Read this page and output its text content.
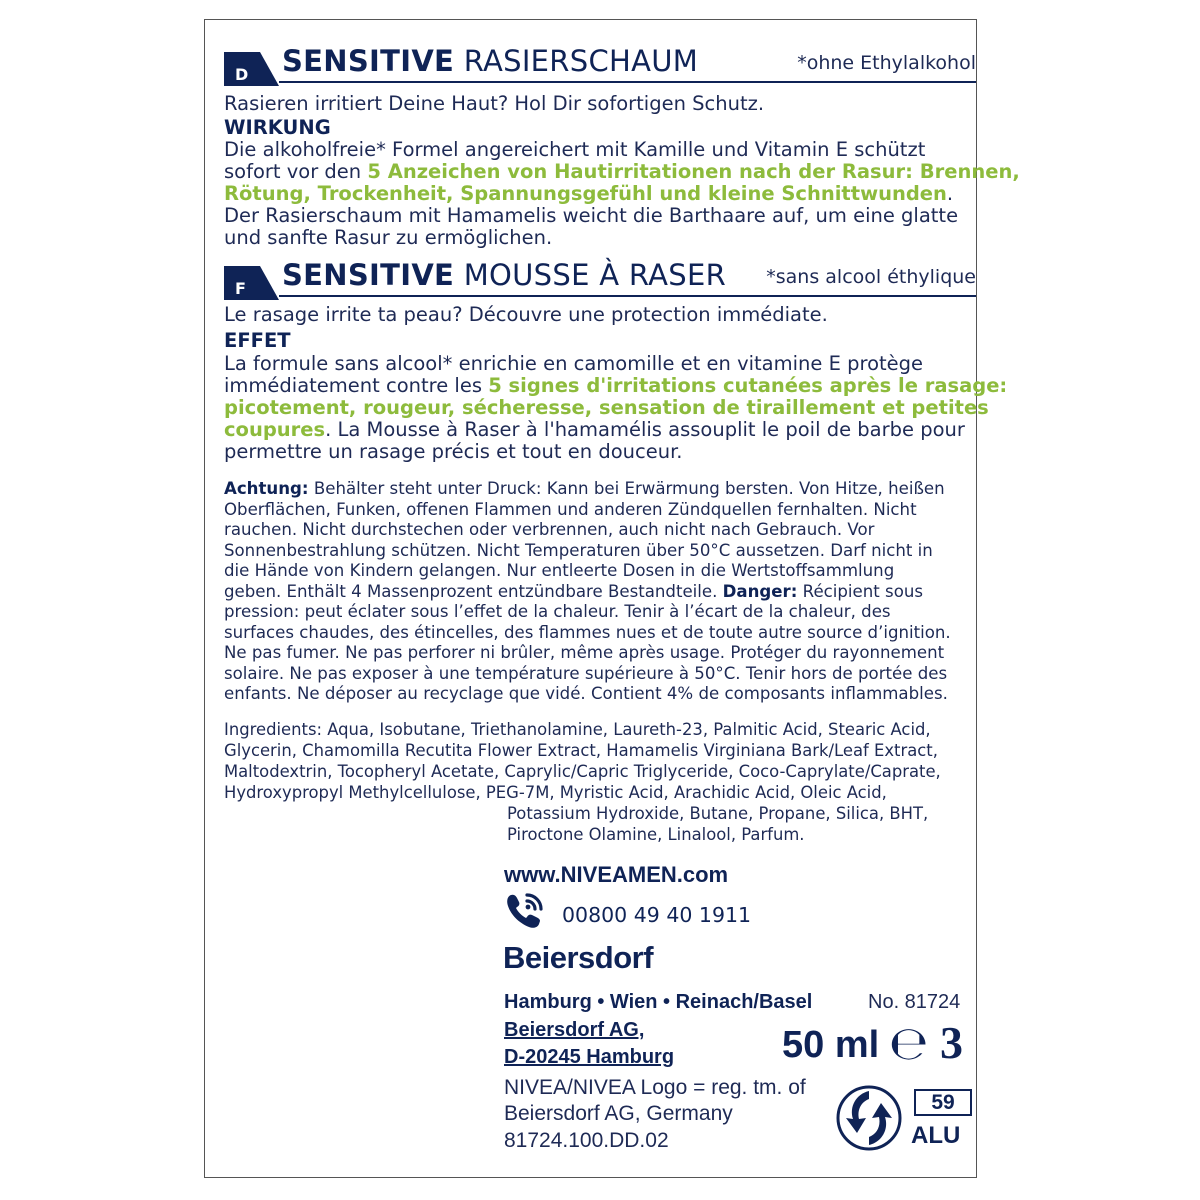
D SENSITIVE RASIERSCHAUM	*ohne Ethylalkohol
Rasieren irritiert Deine Haut? Hol Dir sofortigen Schutz.
WIRKUNG
Die alkoholfreie* Formel angereichert mit Kamille und Vitamin E schützt
sofort vor den 5 Anzeichen von Hautirritationen nach der Rasur: Brennen,
Rötung, Trockenheit, Spannungsgefühl und kleine Schnittwunden.
Der Rasierschaum mit Hamamelis weicht die Barthaare auf, um eine glatte
und sanfte Rasur zu ermöglichen.
F SENSITIVE MOUSSE À RASER *sans alcool éthylique
Le rasage irrite ta peau? Découvre une protection immédiate.
EFFET
La formule sans alcool* enrichie en camomille et en vitamine E protège
immédiatement contre les 5 signes d'irritations cutanées après le rasage:
picotement, rougeur, sécheresse, sensation de tiraillement et petites
coupures. La Mousse à Raser à l'hamamélis assouplit le poil de barbe pour
permettre un rasage précis et tout en douceur.
Achtung: Behälter steht unter Druck: Kann bei Erwärmung bersten. Von Hitze, heißen
Oberflächen, Funken, offenen Flammen und anderen Zündquellen fernhalten. Nicht
rauchen. Nicht durchstechen oder verbrennen, auch nicht nach Gebrauch. Vor
Sonnenbestrahlung schützen. Nicht Temperaturen über 50°C aussetzen. Darf nicht in
die Hände von Kindern gelangen. Nur entleerte Dosen in die Wertstoffsammlung
geben. Enthält 4 Massenprozent entzündbare Bestandteile. Danger: Récipient sous
pression: peut éclater sous l’effet de la chaleur. Tenir à l’écart de la chaleur, des
surfaces chaudes, des étincelles, des flammes nues et de toute autre source d’ignition.
Ne pas fumer. Ne pas perforer ni brûler, même après usage. Protéger du rayonnement
solaire. Ne pas exposer à une température supérieure à 50°C. Tenir hors de portée des
enfants. Ne déposer au recyclage que vidé. Contient 4% de composants inflammables.
Ingredients: Aqua, Isobutane, Triethanolamine, Laureth-23, Palmitic Acid, Stearic Acid,
Glycerin, Chamomilla Recutita Flower Extract, Hamamelis Virginiana Bark/Leaf Extract,
Maltodextrin, Tocopheryl Acetate, Caprylic/Capric Triglyceride, Coco-Caprylate/Caprate,
Hydroxypropyl Methylcellulose, PEG-7M, Myristic Acid, Arachidic Acid, Oleic Acid,
Potassium Hydroxide, Butane, Propane, Silica, BHT,
Piroctone Olamine, Linalool, Parfum.
www.NIVEAMEN.com
00800 49 40 1911
Beiersdorf
Hamburg • Wien • Reinach/Basel	No. 81724
Beiersdorf AG,
D-20245 Hamburg	50 ml ℮ 3
NIVEA/NIVEA Logo = reg. tm. of
Beiersdorf AG, Germany
81724.100.DD.02
59
ALU
